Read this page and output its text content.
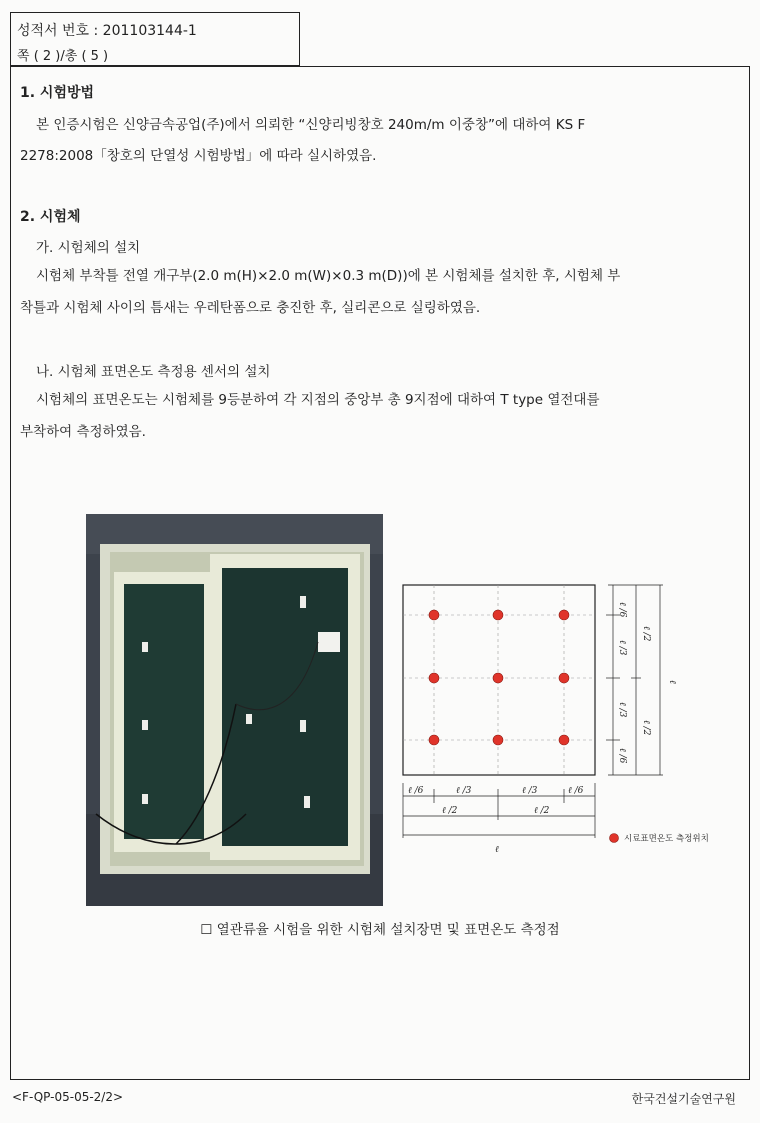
성적서 번호 : 201103144-1
쪽 ( 2 )/총 ( 5 )
1. 시험방법
본 인증시험은 신양금속공업(주)에서 의뢰한 “신양리빙창호 240m/m 이중창”에 대하여 KS F
2278:2008「창호의 단열성 시험방법」에 따라 실시하였음.
2. 시험체
가. 시험체의 설치
시험체 부착틀 전열 개구부(2.0 m(H)×2.0 m(W)×0.3 m(D))에 본 시험체를 설치한 후, 시험체 부
착틀과 시험체 사이의 틈새는 우레탄폼으로 충진한 후, 실리콘으로 실링하였음.
나. 시험체 표면온도 측정용 센서의 설치
시험체의 표면온도는 시험체를 9등분하여 각 지점의 중앙부 총 9지점에 대하여 T type 열전대를
부착하여 측정하였음.
ℓ /6
ℓ /3
ℓ /3
ℓ /6
ℓ /2
ℓ /2
ℓ
ℓ /6	ℓ /3	ℓ /3	ℓ /6
ℓ /2	ℓ /2
ℓ
시료표면온도 측정위치
☐ 열관류율 시험을 위한 시험체 설치장면 및 표면온도 측정점
<F-QP-05-05-2/2>	한국건설기술연구원
